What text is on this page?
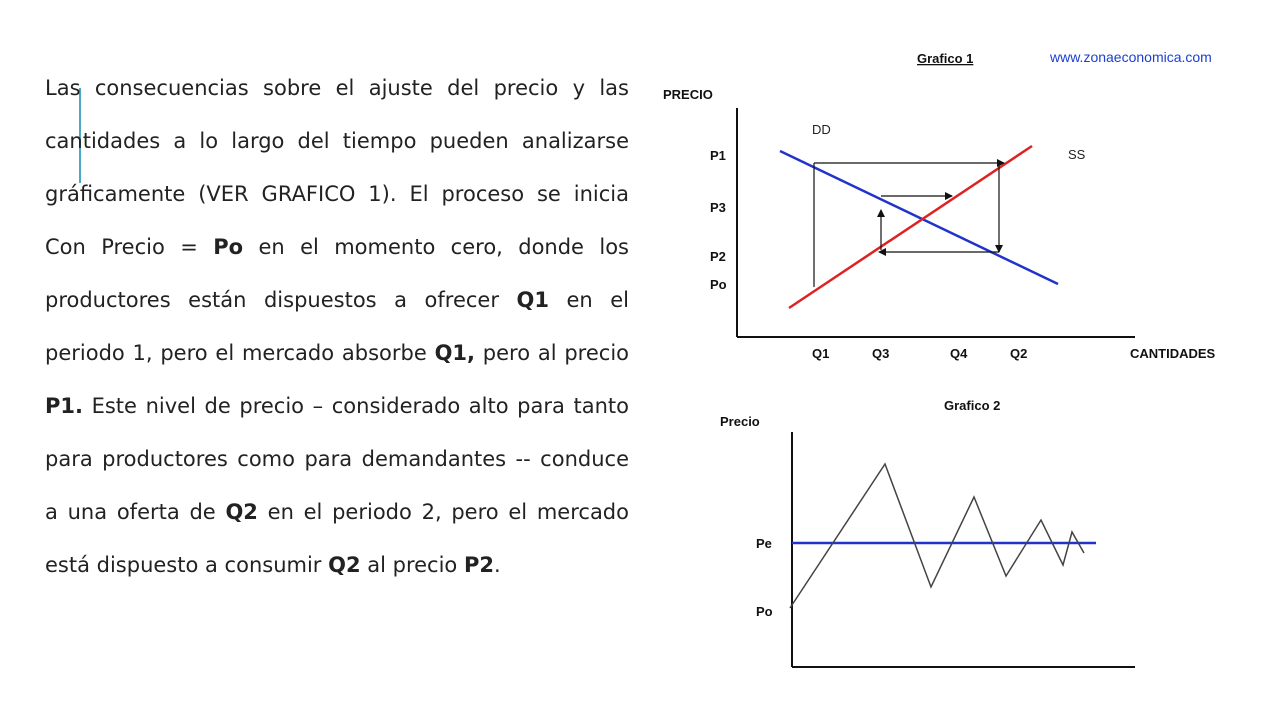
Las consecuencias sobre el ajuste del precio y las cantidades a lo largo del tiempo pueden analizarse gráficamente (VER GRAFICO 1). El proceso se inicia Con Precio = Po en el momento cero, donde los productores están dispuestos a ofrecer Q1 en el periodo 1, pero el mercado absorbe Q1, pero al precio P1. Este nivel de precio – considerado alto para tanto para productores como para demandantes -- conduce a una oferta de Q2 en el periodo 2, pero el mercado está dispuesto a consumir Q2 al precio P2.
Grafico 1	www.zonaeconomica.com
PRECIO
CANTIDADES
P1
P3
P2
Po
Q1	Q3	Q4	Q2
DD
SS
Grafico 2
Precio
Pe
Po
